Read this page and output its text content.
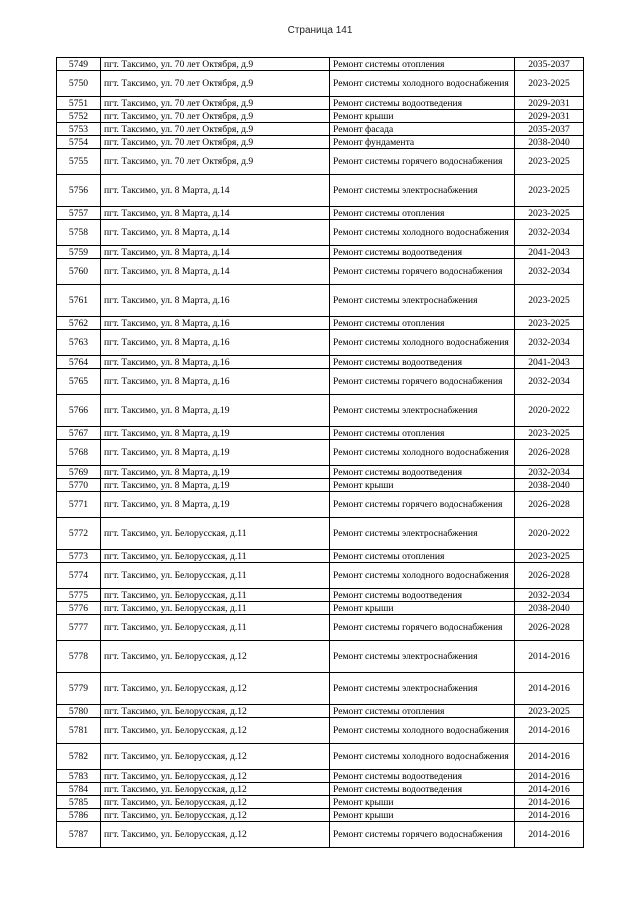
Страница 141
5749	пгт. Таксимо, ул. 70 лет Октября, д.9	Ремонт системы отопления	2035-2037
5750	пгт. Таксимо, ул. 70 лет Октября, д.9	Ремонт системы холодного водоснабжения	2023-2025
5751	пгт. Таксимо, ул. 70 лет Октября, д.9	Ремонт системы водоотведения	2029-2031
5752	пгт. Таксимо, ул. 70 лет Октября, д.9	Ремонт крыши	2029-2031
5753	пгт. Таксимо, ул. 70 лет Октября, д.9	Ремонт фасада	2035-2037
5754	пгт. Таксимо, ул. 70 лет Октября, д.9	Ремонт фундамента	2038-2040
5755	пгт. Таксимо, ул. 70 лет Октября, д.9	Ремонт системы горячего водоснабжения	2023-2025
5756	пгт. Таксимо, ул. 8 Марта, д.14	Ремонт системы электроснабжения	2023-2025
5757	пгт. Таксимо, ул. 8 Марта, д.14	Ремонт системы отопления	2023-2025
5758	пгт. Таксимо, ул. 8 Марта, д.14	Ремонт системы холодного водоснабжения	2032-2034
5759	пгт. Таксимо, ул. 8 Марта, д.14	Ремонт системы водоотведения	2041-2043
5760	пгт. Таксимо, ул. 8 Марта, д.14	Ремонт системы горячего водоснабжения	2032-2034
5761	пгт. Таксимо, ул. 8 Марта, д.16	Ремонт системы электроснабжения	2023-2025
5762	пгт. Таксимо, ул. 8 Марта, д.16	Ремонт системы отопления	2023-2025
5763	пгт. Таксимо, ул. 8 Марта, д.16	Ремонт системы холодного водоснабжения	2032-2034
5764	пгт. Таксимо, ул. 8 Марта, д.16	Ремонт системы водоотведения	2041-2043
5765	пгт. Таксимо, ул. 8 Марта, д.16	Ремонт системы горячего водоснабжения	2032-2034
5766	пгт. Таксимо, ул. 8 Марта, д.19	Ремонт системы электроснабжения	2020-2022
5767	пгт. Таксимо, ул. 8 Марта, д.19	Ремонт системы отопления	2023-2025
5768	пгт. Таксимо, ул. 8 Марта, д.19	Ремонт системы холодного водоснабжения	2026-2028
5769	пгт. Таксимо, ул. 8 Марта, д.19	Ремонт системы водоотведения	2032-2034
5770	пгт. Таксимо, ул. 8 Марта, д.19	Ремонт крыши	2038-2040
5771	пгт. Таксимо, ул. 8 Марта, д.19	Ремонт системы горячего водоснабжения	2026-2028
5772	пгт. Таксимо, ул. Белорусская, д.11	Ремонт системы электроснабжения	2020-2022
5773	пгт. Таксимо, ул. Белорусская, д.11	Ремонт системы отопления	2023-2025
5774	пгт. Таксимо, ул. Белорусская, д.11	Ремонт системы холодного водоснабжения	2026-2028
5775	пгт. Таксимо, ул. Белорусская, д.11	Ремонт системы водоотведения	2032-2034
5776	пгт. Таксимо, ул. Белорусская, д.11	Ремонт крыши	2038-2040
5777	пгт. Таксимо, ул. Белорусская, д.11	Ремонт системы горячего водоснабжения	2026-2028
5778	пгт. Таксимо, ул. Белорусская, д.12	Ремонт системы электроснабжения	2014-2016
5779	пгт. Таксимо, ул. Белорусская, д.12	Ремонт системы электроснабжения	2014-2016
5780	пгт. Таксимо, ул. Белорусская, д.12	Ремонт системы отопления	2023-2025
5781	пгт. Таксимо, ул. Белорусская, д.12	Ремонт системы холодного водоснабжения	2014-2016
5782	пгт. Таксимо, ул. Белорусская, д.12	Ремонт системы холодного водоснабжения	2014-2016
5783	пгт. Таксимо, ул. Белорусская, д.12	Ремонт системы водоотведения	2014-2016
5784	пгт. Таксимо, ул. Белорусская, д.12	Ремонт системы водоотведения	2014-2016
5785	пгт. Таксимо, ул. Белорусская, д.12	Ремонт крыши	2014-2016
5786	пгт. Таксимо, ул. Белорусская, д.12	Ремонт крыши	2014-2016
5787	пгт. Таксимо, ул. Белорусская, д.12	Ремонт системы горячего водоснабжения	2014-2016
